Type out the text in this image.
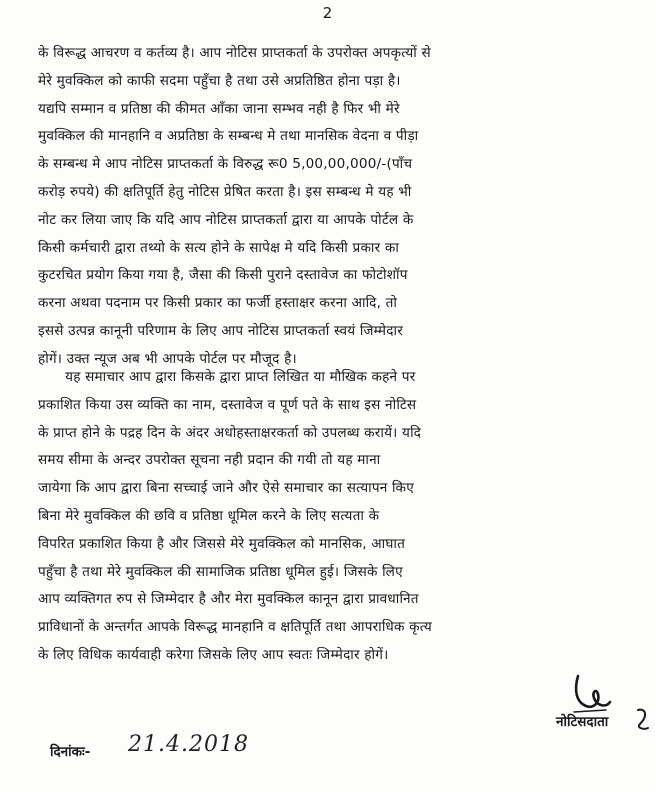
2

के विरूद्ध आचरण व कर्तव्य है। आप नोटिस प्राप्तकर्ता के उपरोक्त अपकृत्यों से
मेरे मुवक्किल को काफी सदमा पहुँचा है तथा उसे अप्रतिष्ठित होना पड़ा है।
यद्यपि सम्मान व प्रतिष्ठा की कीमत आँका जाना सम्भव नही है फिर भी मेरे
मुवक्किल की मानहानि व अप्रतिष्ठा के सम्बन्ध मे तथा मानसिक वेदना व पीड़ा
के सम्बन्ध मे आप नोटिस प्राप्तकर्ता के विरुद्ध रू0 5,00,00,000/-(पाँच
करोड़ रुपये) की क्षतिपूर्ति हेतु नोटिस प्रेषित करता है। इस सम्बन्ध मे यह भी
नोट कर लिया जाए कि यदि आप नोटिस प्राप्तकर्ता द्वारा या आपके पोर्टल के
किसी कर्मचारी द्वारा तथ्यो के सत्य होने के सापेक्ष मे यदि किसी प्रकार का
कुटरचित प्रयोग किया गया है, जैसा की किसी पुराने दस्तावेज का फोटोशॉप
करना अथवा पदनाम पर किसी प्रकार का फर्जी हस्ताक्षर करना आदि, तो
इससे उत्पन्न कानूनी परिणाम के लिए आप नोटिस प्राप्तकर्ता स्वयं जिम्मेदार
होगें। उक्त न्यूज अब भी आपके पोर्टल पर मौजूद है।

यह समाचार आप द्वारा किसके द्वारा प्राप्त लिखित या मौखिक कहने पर
प्रकाशित किया उस व्यक्ति का नाम, दस्तावेज व पूर्ण पते के साथ इस नोटिस
के प्राप्त होने के पद्रह दिन के अंदर अधोहस्ताक्षरकर्ता को उपलब्ध करायें। यदि
समय सीमा के अन्दर उपरोक्त सूचना नही प्रदान की गयी तो यह माना
जायेगा कि आप द्वारा बिना सच्चाई जाने और ऐसे समाचार का सत्यापन किए
बिना मेरे मुवक्किल की छवि व प्रतिष्ठा धूमिल करने के लिए सत्यता के
विपरित प्रकाशित किया है और जिससे मेरे मुवक्किल को मानसिक, आघात
पहुँचा है तथा मेरे मुवक्किल की सामाजिक प्रतिष्ठा धूमिल हुई। जिसके लिए
आप व्यक्तिगत रुप से जिम्मेदार है और मेरा मुवक्किल कानून द्वारा प्रावधानित
प्राविधानों के अन्तर्गत आपके विरूद्ध मानहानि व क्षतिपूर्ति तथा आपराधिक कृत्य
के लिए विधिक कार्यवाही करेगा जिसके लिए आप स्वतः जिम्मेदार होगें।

नोटिसदाता
दिनांकः- 21.4.2018
